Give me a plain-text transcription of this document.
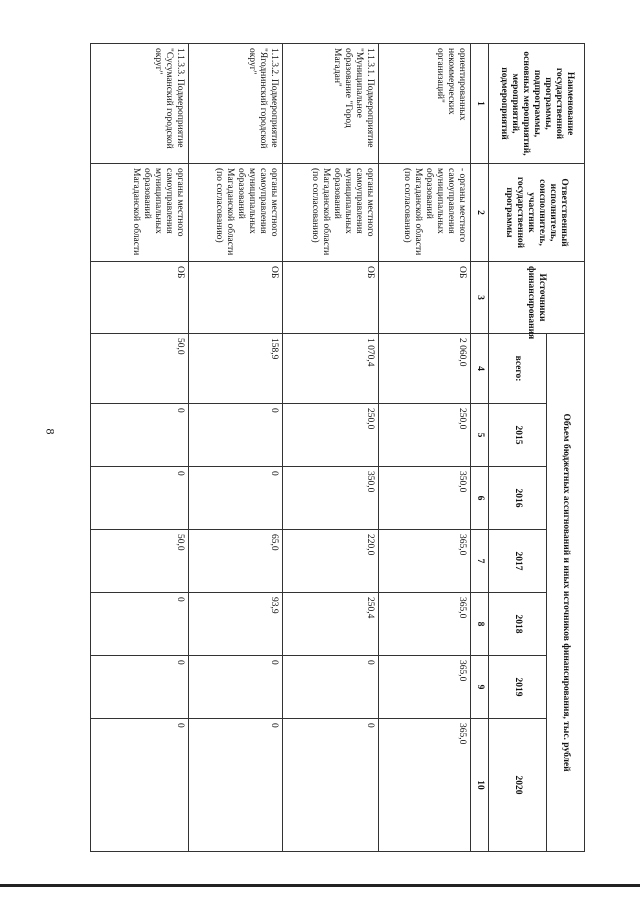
8
Наименование государственной программы, подпрограммы, основных мероприятий, мероприятий, подмероприятий	Ответственный исполнитель, соисполнитель, участник государственной программы	Источники финансирования	Объем бюджетных ассигнований и иных источников финансирования, тыс. рублей						
			всего:	2015	2016	2017	2018	2019	2020
1	2	3	4	5	6	7	8	9	10
ориентированных некоммерческих организаций"	- органы местного самоуправления муниципальных образований Магаданской области (по согласованию)	ОБ	2 060,0	250,0	350,0	365,0	365,0	365,0	365,0
1.1.3.1. Подмероприятие "Муниципальное образование "Город Магадан"	органы местного самоуправления муниципальных образований Магаданской области (по согласованию)	ОБ	1 070,4	250,0	350,0	220,0	250,4	0	0
1.1.3.2. Подмероприятие "Ягоднинский городской округ"	органы местного самоуправления муниципальных образований Магаданской области (по согласованию)	ОБ	158,9	0	0	65,0	93,9	0	0
1.1.3.3. Подмероприятие "Сусуманский городской округ"	органы местного самоуправления муниципальных образований Магаданской области	ОБ	50,0	0	0	50,0	0	0	0
